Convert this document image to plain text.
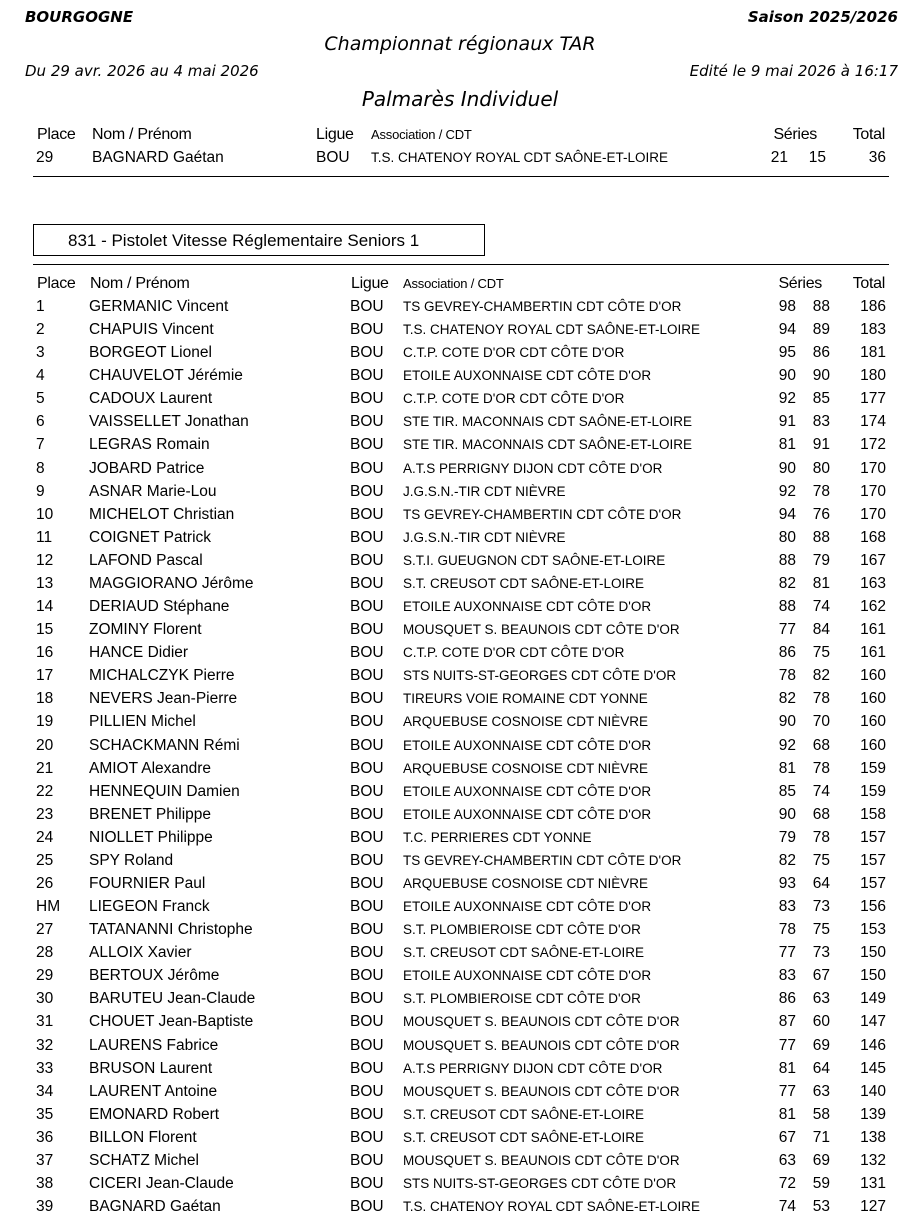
BOURGOGNE	Saison 2025/2026
Championnat régionaux TAR
Du 29 avr. 2026 au 4 mai 2026	Edité le 9 mai 2026 à 16:17
Palmarès Individuel
Place Nom / Prénom	Ligue Association / CDT	Séries Total
29	BAGNARD Gaétan	BOU T.S. CHATENOY ROYAL CDT SAÔNE-ET-LOIRE	21 15	36
831 - Pistolet Vitesse Réglementaire Seniors 1
Place Nom / Prénom	Ligue Association / CDT	Séries Total
1	GERMANIC Vincent	BOU TS GEVREY-CHAMBERTIN CDT CÔTE D'OR	98 88 186
2	CHAPUIS Vincent	BOU T.S. CHATENOY ROYAL CDT SAÔNE-ET-LOIRE	94 89 183
3	BORGEOT Lionel	BOU C.T.P. COTE D'OR CDT CÔTE D'OR	95 86 181
4	CHAUVELOT Jérémie	BOU ETOILE AUXONNAISE CDT CÔTE D'OR	90 90 180
5	CADOUX Laurent	BOU C.T.P. COTE D'OR CDT CÔTE D'OR	92 85 177
6	VAISSELLET Jonathan	BOU STE TIR. MACONNAIS CDT SAÔNE-ET-LOIRE	91 83 174
7	LEGRAS Romain	BOU STE TIR. MACONNAIS CDT SAÔNE-ET-LOIRE	81 91 172
8	JOBARD Patrice	BOU A.T.S PERRIGNY DIJON CDT CÔTE D'OR	90 80 170
9	ASNAR Marie-Lou	BOU J.G.S.N.-TIR CDT NIÈVRE	92 78 170
10 MICHELOT Christian	BOU TS GEVREY-CHAMBERTIN CDT CÔTE D'OR	94 76 170
11 COIGNET Patrick	BOU J.G.S.N.-TIR CDT NIÈVRE	80 88 168
12 LAFOND Pascal	BOU S.T.I. GUEUGNON CDT SAÔNE-ET-LOIRE	88 79 167
13 MAGGIORANO Jérôme	BOU S.T. CREUSOT CDT SAÔNE-ET-LOIRE	82 81 163
14 DERIAUD Stéphane	BOU ETOILE AUXONNAISE CDT CÔTE D'OR	88 74 162
15 ZOMINY Florent	BOU MOUSQUET S. BEAUNOIS CDT CÔTE D'OR	77 84 161
16 HANCE Didier	BOU C.T.P. COTE D'OR CDT CÔTE D'OR	86 75 161
17 MICHALCZYK Pierre	BOU STS NUITS-ST-GEORGES CDT CÔTE D'OR	78 82 160
18 NEVERS Jean-Pierre	BOU TIREURS VOIE ROMAINE CDT YONNE	82 78 160
19 PILLIEN Michel	BOU ARQUEBUSE COSNOISE CDT NIÈVRE	90 70 160
20 SCHACKMANN Rémi	BOU ETOILE AUXONNAISE CDT CÔTE D'OR	92 68 160
21 AMIOT Alexandre	BOU ARQUEBUSE COSNOISE CDT NIÈVRE	81 78 159
22 HENNEQUIN Damien	BOU ETOILE AUXONNAISE CDT CÔTE D'OR	85 74 159
23 BRENET Philippe	BOU ETOILE AUXONNAISE CDT CÔTE D'OR	90 68 158
24 NIOLLET Philippe	BOU T.C. PERRIERES CDT YONNE	79 78 157
25 SPY Roland	BOU TS GEVREY-CHAMBERTIN CDT CÔTE D'OR	82 75 157
26 FOURNIER Paul	BOU ARQUEBUSE COSNOISE CDT NIÈVRE	93 64 157
HM LIEGEON Franck	BOU ETOILE AUXONNAISE CDT CÔTE D'OR	83 73 156
27 TATANANNI Christophe	BOU S.T. PLOMBIEROISE CDT CÔTE D'OR	78 75 153
28 ALLOIX Xavier	BOU S.T. CREUSOT CDT SAÔNE-ET-LOIRE	77 73 150
29 BERTOUX Jérôme	BOU ETOILE AUXONNAISE CDT CÔTE D'OR	83 67 150
30 BARUTEU Jean-Claude	BOU S.T. PLOMBIEROISE CDT CÔTE D'OR	86 63 149
31 CHOUET Jean-Baptiste	BOU MOUSQUET S. BEAUNOIS CDT CÔTE D'OR	87 60 147
32 LAURENS Fabrice	BOU MOUSQUET S. BEAUNOIS CDT CÔTE D'OR	77 69 146
33 BRUSON Laurent	BOU A.T.S PERRIGNY DIJON CDT CÔTE D'OR	81 64 145
34 LAURENT Antoine	BOU MOUSQUET S. BEAUNOIS CDT CÔTE D'OR	77 63 140
35 EMONARD Robert	BOU S.T. CREUSOT CDT SAÔNE-ET-LOIRE	81 58 139
36 BILLON Florent	BOU S.T. CREUSOT CDT SAÔNE-ET-LOIRE	67 71 138
37 SCHATZ Michel	BOU MOUSQUET S. BEAUNOIS CDT CÔTE D'OR	63 69 132
38 CICERI Jean-Claude	BOU STS NUITS-ST-GEORGES CDT CÔTE D'OR	72 59 131
39 BAGNARD Gaétan	BOU T.S. CHATENOY ROYAL CDT SAÔNE-ET-LOIRE	74 53 127
